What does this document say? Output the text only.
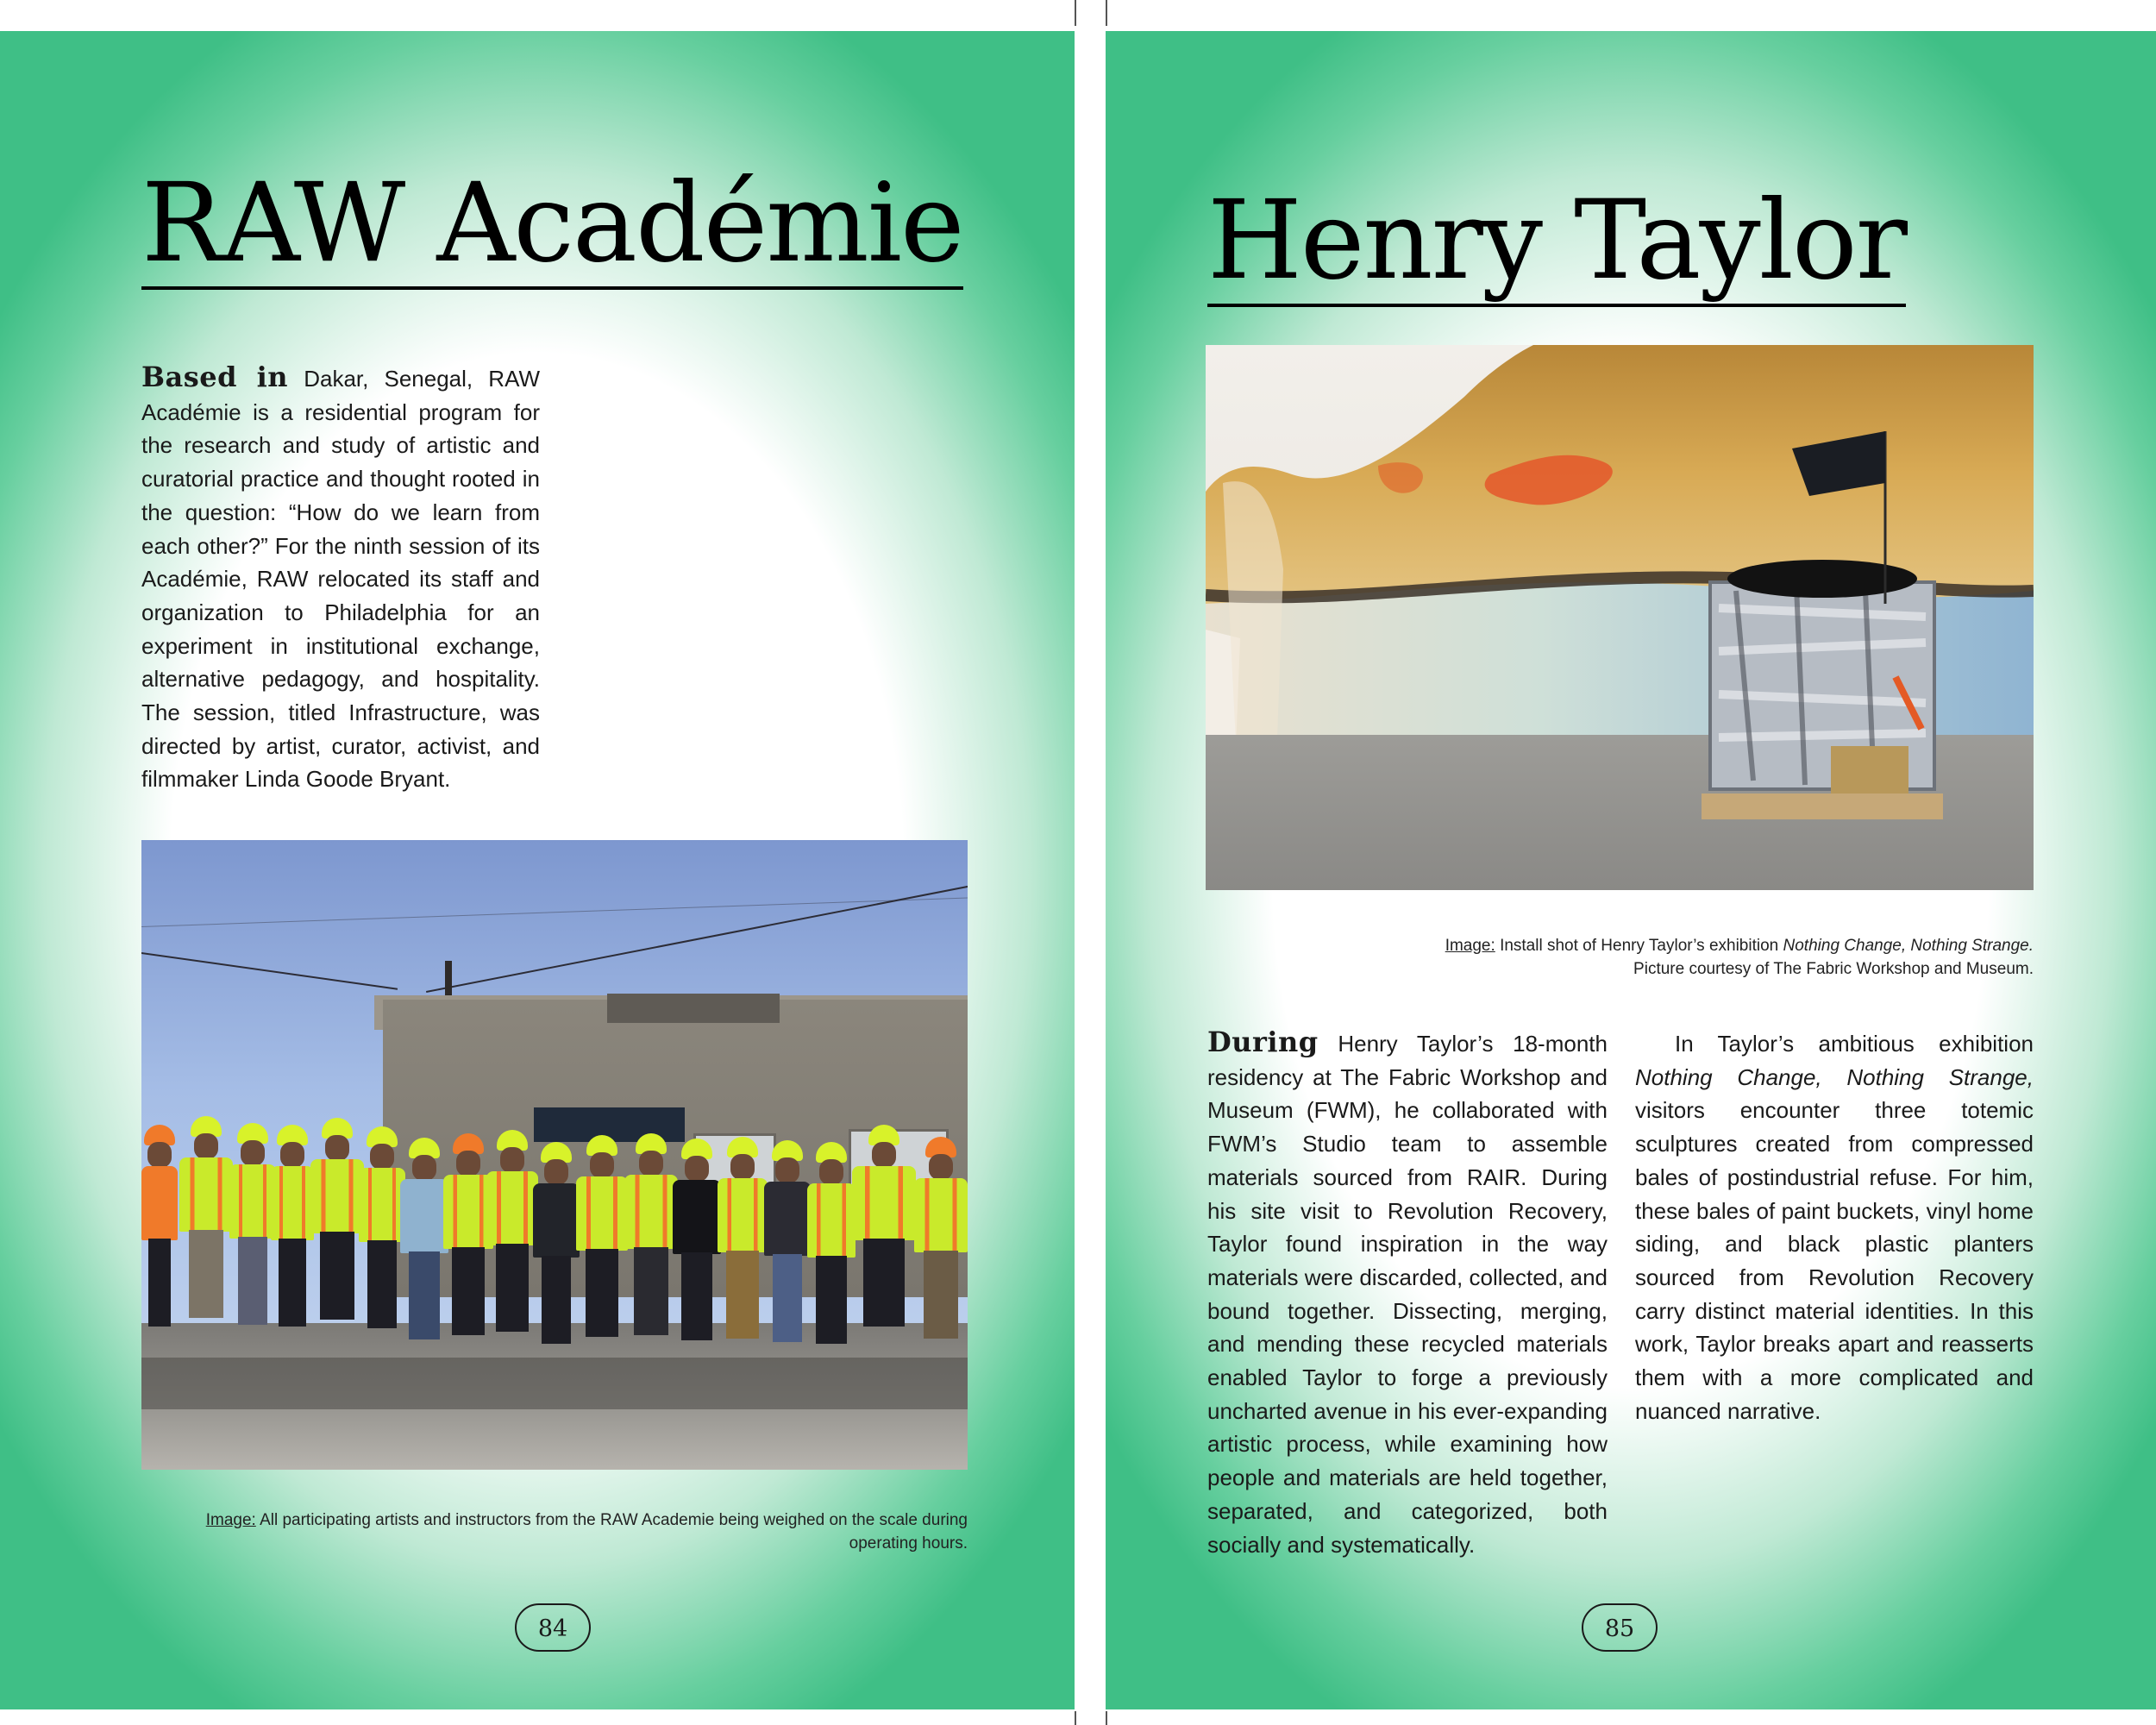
RAW Académie

Based in Dakar, Senegal, RAW Académie is a residential program for the research and study of artistic and curatorial practice and thought rooted in the question: “How do we learn from each other?” For the ninth session of its Académie, RAW relocated its staff and organization to Philadelphia for an experiment in institutional exchange, alternative pedagogy, and hospitality. The session, titled Infrastructure, was directed by artist, curator, activist, and filmmaker Linda Goode Bryant.

Image: All participating artists and instructors from the RAW Academie being weighed on the scale during operating hours.

84
Henry Taylor

Image: Install shot of Henry Taylor’s exhibition Nothing Change, Nothing Strange.
Picture courtesy of The Fabric Workshop and Museum.

During Henry Taylor’s 18-month residency at The Fabric Workshop and Museum (FWM), he collaborated with FWM’s Studio team to assemble materials sourced from RAIR. During his site visit to Revolution Recovery, Taylor found inspiration in the way materials were discarded, collected, and bound together. Dissecting, merging, and mending these recycled materials enabled Taylor to forge a previously uncharted avenue in his ever-expanding artistic process, while examining how people and materials are held together, separated, and categorized, both socially and systematically.

In Taylor’s ambitious exhibition Nothing Change, Nothing Strange, visitors encounter three totemic sculptures created from compressed bales of postindustrial refuse. For him, these bales of paint buckets, vinyl home siding, and black plastic planters sourced from Revolution Recovery carry distinct material identities. In this work, Taylor breaks apart and reasserts them with a more complicated and nuanced narrative.

85
